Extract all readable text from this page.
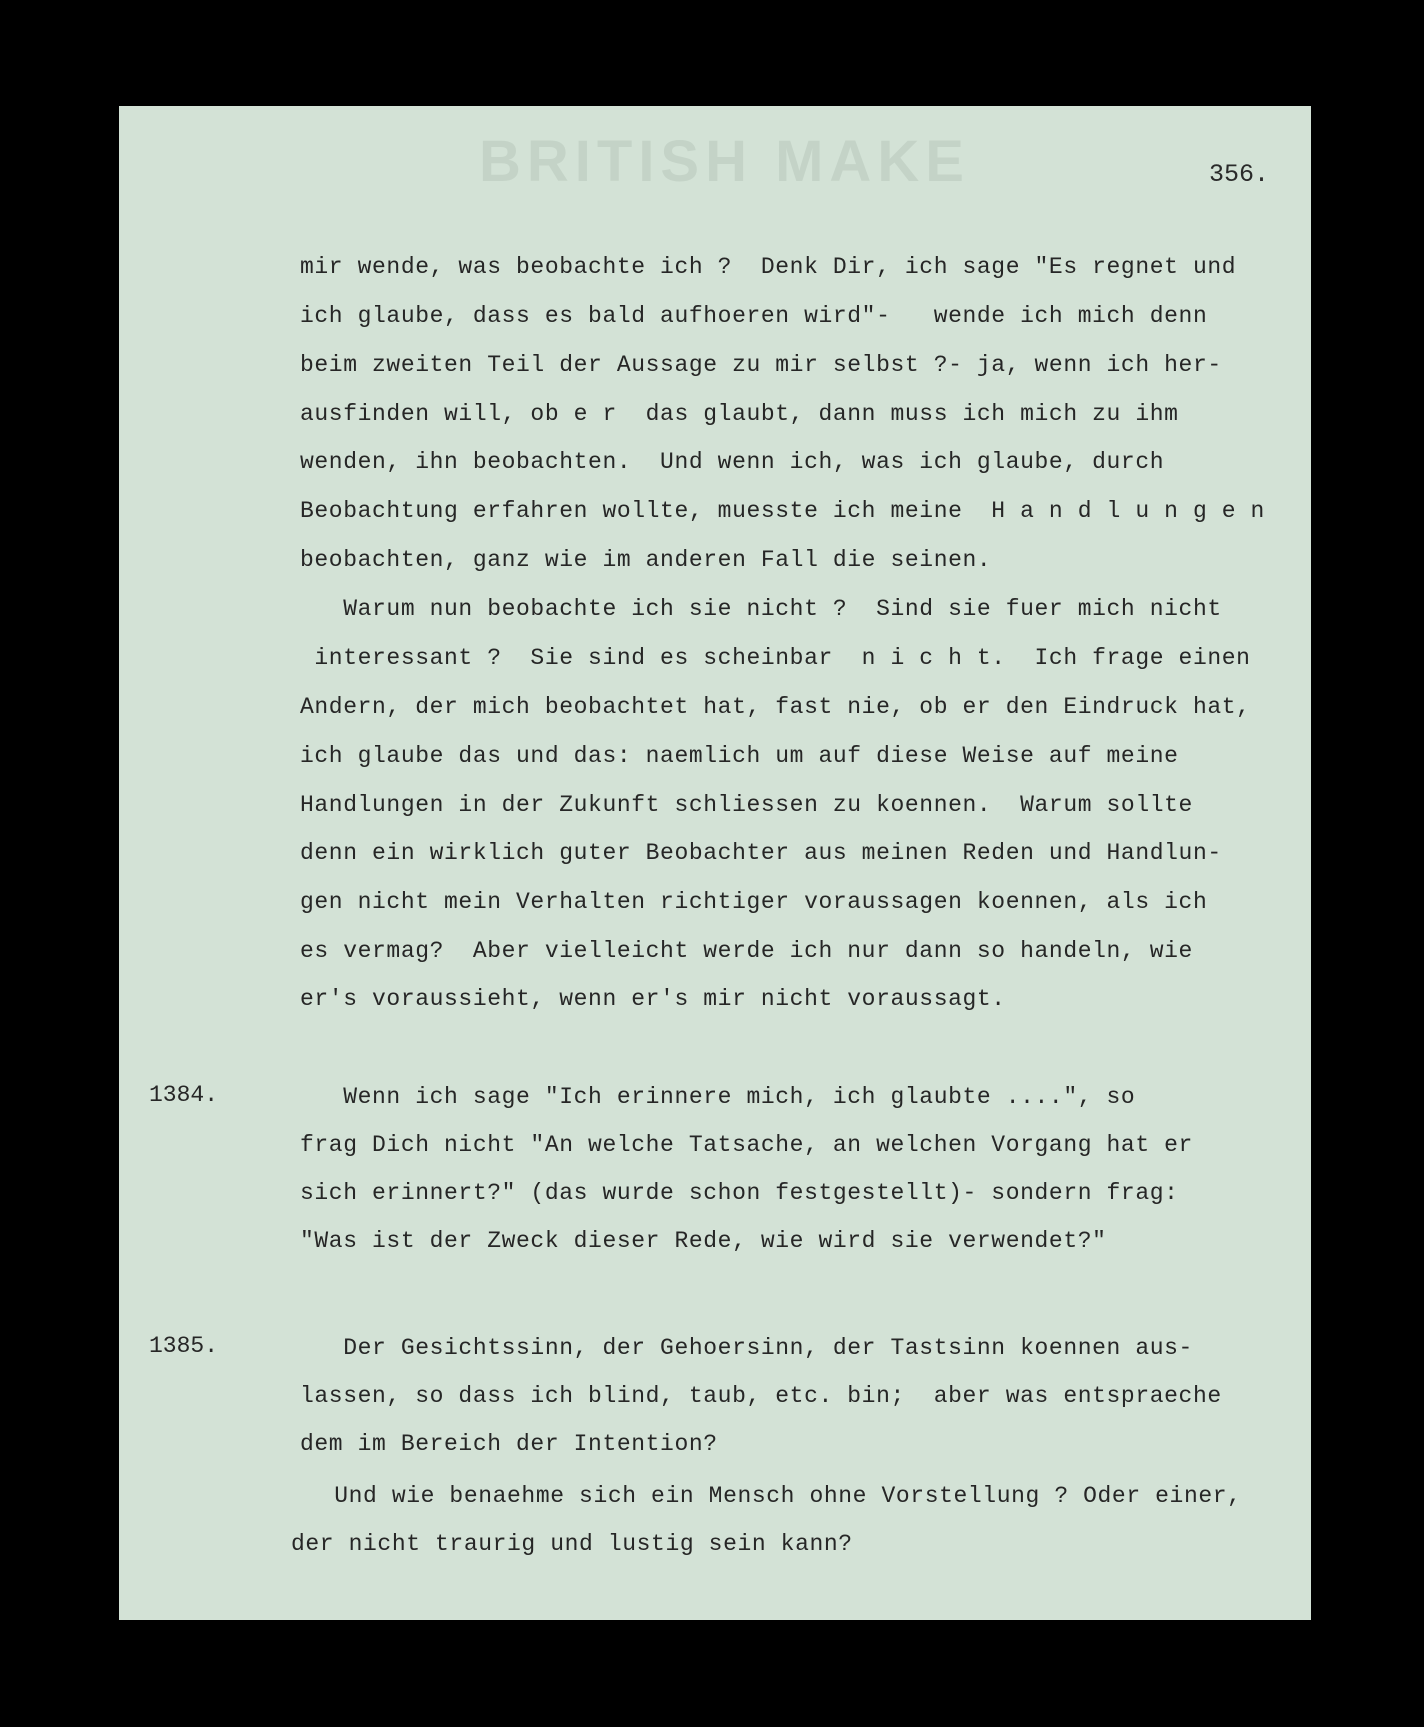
BRITISH MAKE	356.
mir wende, was beobachte ich ?  Denk Dir, ich sage "Es regnet und
ich glaube, dass es bald aufhoeren wird"-   wende ich mich denn
beim zweiten Teil der Aussage zu mir selbst ?- ja, wenn ich her-
ausfinden will, ob e r  das glaubt, dann muss ich mich zu ihm
wenden, ihn beobachten.  Und wenn ich, was ich glaube, durch
Beobachtung erfahren wollte, muesste ich meine  H a n d l u n g e n
beobachten, ganz wie im anderen Fall die seinen.
Warum nun beobachte ich sie nicht ?  Sind sie fuer mich nicht
interessant ?  Sie sind es scheinbar  n i c h t.  Ich frage einen
Andern, der mich beobachtet hat, fast nie, ob er den Eindruck hat,
ich glaube das und das: naemlich um auf diese Weise auf meine
Handlungen in der Zukunft schliessen zu koennen.  Warum sollte
denn ein wirklich guter Beobachter aus meinen Reden und Handlun-
gen nicht mein Verhalten richtiger voraussagen koennen, als ich
es vermag?  Aber vielleicht werde ich nur dann so handeln, wie
er's voraussieht, wenn er's mir nicht voraussagt.
1384.	Wenn ich sage "Ich erinnere mich, ich glaubte ....", so
frag Dich nicht "An welche Tatsache, an welchen Vorgang hat er
sich erinnert?" (das wurde schon festgestellt)- sondern frag:
"Was ist der Zweck dieser Rede, wie wird sie verwendet?"
1385.	Der Gesichtssinn, der Gehoersinn, der Tastsinn koennen aus-
lassen, so dass ich blind, taub, etc. bin;  aber was entspraeche
dem im Bereich der Intention?
Und wie benaehme sich ein Mensch ohne Vorstellung ? Oder einer,
der nicht traurig und lustig sein kann?
